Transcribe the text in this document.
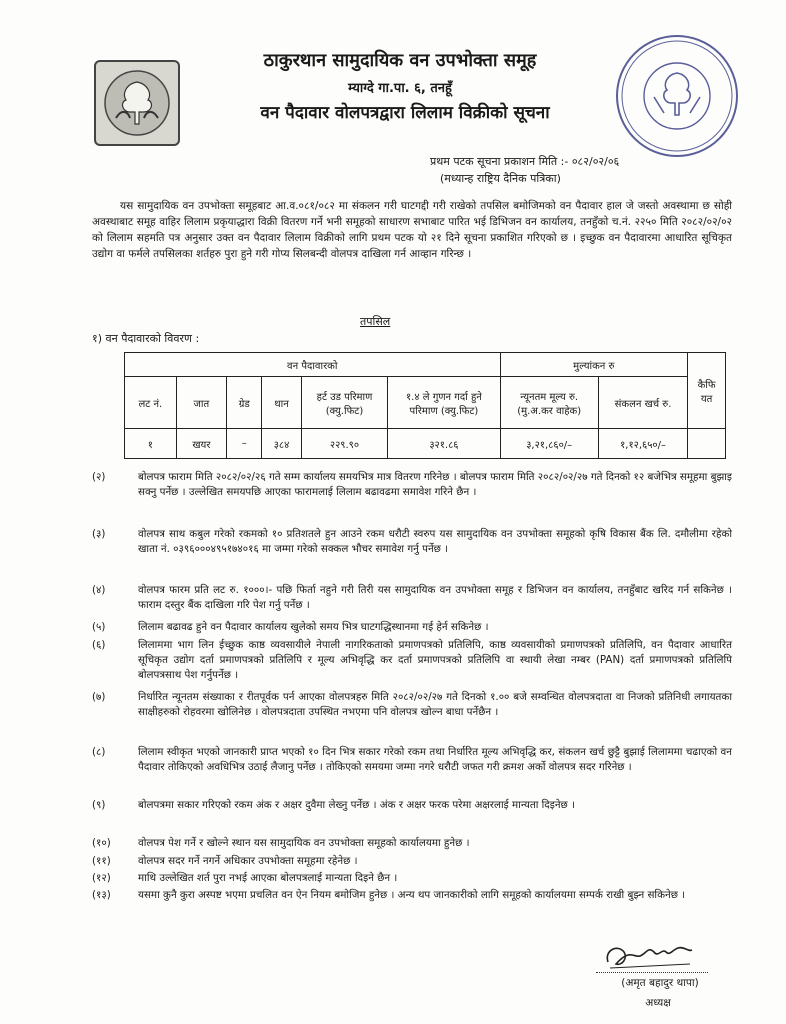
ठाकुरथान सामुदायिक वन उपभोक्ता समूह
म्याग्दे गा.पा. ६, तनहूँ
वन पैदावार वोलपत्रद्वारा लिलाम विक्रीको सूचना
प्रथम पटक सूचना प्रकाशन मिति :- ०८२/०२/०६
(मध्यान्ह राष्ट्रिय दैनिक पत्रिका)
यस सामुदायिक वन उपभोक्ता समूहबाट आ.व.०८१/०८२ मा संकलन गरी घाटगद्दी गरी राखेको तपसिल बमोजिमको वन पैदावार हाल जे जस्तो अवस्थामा छ सोही अवस्थाबाट समूह वाहिर लिलाम प्रकृयाद्धारा विक्री वितरण गर्ने भनी समूहको साधारण सभाबाट पारित भई डिभिजन वन कार्यालय, तनहुँको च.नं. २२५० मिति २०८२/०२/०२ को लिलाम सहमति पत्र अनुसार उक्त वन पैदावार लिलाम विक्रीको लागि प्रथम पटक यो २१ दिने सूचना प्रकाशित गरिएको छ । इच्छुक वन पैदावारमा आधारित सूचिकृत उद्योग वा फर्मले तपसिलका शर्तहरु पुरा हुने गरी गोप्य सिलबन्दी वोलपत्र दाखिला गर्न आव्हान गरिन्छ ।
तपसिल
१) वन पैदावारको विवरण :
वन पैदावारको						मुल्यांकन रु		कैफि यत
लट नं.	जात	ग्रेड	थान	हर्ट उड परिमाण (क्यु.फिट)	१.४ ले गुणन गर्दा हुने परिमाण (क्यु.फिट)	न्यूनतम मूल्य रु. (मु.अ.कर वाहेक)	संकलन खर्च रु.	
१	खयर	–	३८४	२२९.९०	३२१.८६	३,२१,८६०/–	१,१२,६५०/–	

(२)	बोलपत्र फाराम मिति २०८२/०२/२६ गते सम्म कार्यालय समयभित्र मात्र वितरण गरिनेछ । बोलपत्र फाराम मिति २०८२/०२/२७ गते दिनको १२ बजेभित्र समूहमा बुझाइ सक्नु पर्नेछ । उल्लेखित समयपछि आएका फारामलाई लिलाम बढावढमा समावेश गरिने छैन ।
(३)	वोलपत्र साथ कबुल गरेको रकमको १० प्रतिशतले हुन आउने रकम धरौटी स्वरुप यस सामुदायिक वन उपभोक्ता समूहको कृषि विकास बैंक लि. दमौलीमा रहेको खाता नं. ०३९६०००४९५१७४०१६ मा जम्मा गरेको सक्कल भौचर समावेश गर्नु पर्नेछ ।
(४)	वोलपत्र फारम प्रति लट रु. १०००।- पछि फिर्ता नहुने गरी तिरी यस सामुदायिक वन उपभोक्ता समूह र डिभिजन वन कार्यालय, तनहुँबाट खरिद गर्न सकिनेछ । फाराम दस्तुर बैंक दाखिला गरि पेश गर्नु पर्नेछ ।
(५)	लिलाम बढावढ हुने वन पैदावार कार्यालय खुलेको समय भित्र घाटगद्धिस्थानमा गई हेर्न सकिनेछ ।
(६)	लिलाममा भाग लिन ईच्छुक काष्ठ व्यवसायीले नेपाली नागरिकताको प्रमाणपत्रको प्रतिलिपि, काष्ठ व्यवसायीको प्रमाणपत्रको प्रतिलिपि, वन पैदावार आधारित सूचिकृत उद्योग दर्ता प्रमाणपत्रको प्रतिलिपि र मूल्य अभिवृद्धि कर दर्ता प्रमाणपत्रको प्रतिलिपि वा स्थायी लेखा नम्बर (PAN) दर्ता प्रमाणपत्रको प्रतिलिपि बोलपत्रसाथ पेश गर्नुपर्नेछ ।
(७)	निर्धारित न्यूनतम संख्याका र रीतपूर्वक पर्न आएका वोलपत्रहरु मिति २०८२/०२/२७ गते दिनको १.०० बजे सम्वन्धित वोलपत्रदाता वा निजको प्रतिनिधी लगायतका साक्षीहरुको रोहवरमा खोलिनेछ । वोलपत्रदाता उपस्थित नभएमा पनि वोलपत्र खोल्न बाधा पर्नेछैन ।
(८)	लिलाम स्वीकृत भएको जानकारी प्राप्त भएको १० दिन भित्र सकार गरेको रकम तथा निर्धारित मूल्य अभिवृद्धि कर, संकलन खर्च छुट्टै बुझाई लिलाममा चढाएको वन पैदावार तोकिएको अवधिभित्र उठाई लैजानु पर्नेछ । तोकिएको समयमा जम्मा नगरे धरौटी जफत गरी क्रमश अर्को वोलपत्र सदर गरिनेछ ।
(९)	बोलपत्रमा सकार गरिएको रकम अंक र अक्षर दुवैमा लेख्नु पर्नेछ । अंक र अक्षर फरक परेमा अक्षरलाई मान्यता दिइनेछ ।
(१०)	वोलपत्र पेश गर्ने र खोल्ने स्थान यस सामुदायिक वन उपभोक्ता समूहको कार्यालयमा हुनेछ ।
(११)	वोलपत्र सदर गर्ने नगर्ने अधिकार उपभोक्ता समूहमा रहेनेछ ।
(१२)	माथि उल्लेखित शर्त पुरा नभई आएका बोलपत्रलाई मान्यता दिइने छैन ।
(१३)	यसमा कुनै कुरा अस्पष्ट भएमा प्रचलित वन ऐन नियम बमोजिम हुनेछ । अन्य थप जानकारीको लागि समूहको कार्यालयमा सम्पर्क राखी बुझ्न सकिनेछ ।
(अमृत बहादुर थापा)
अध्यक्ष
